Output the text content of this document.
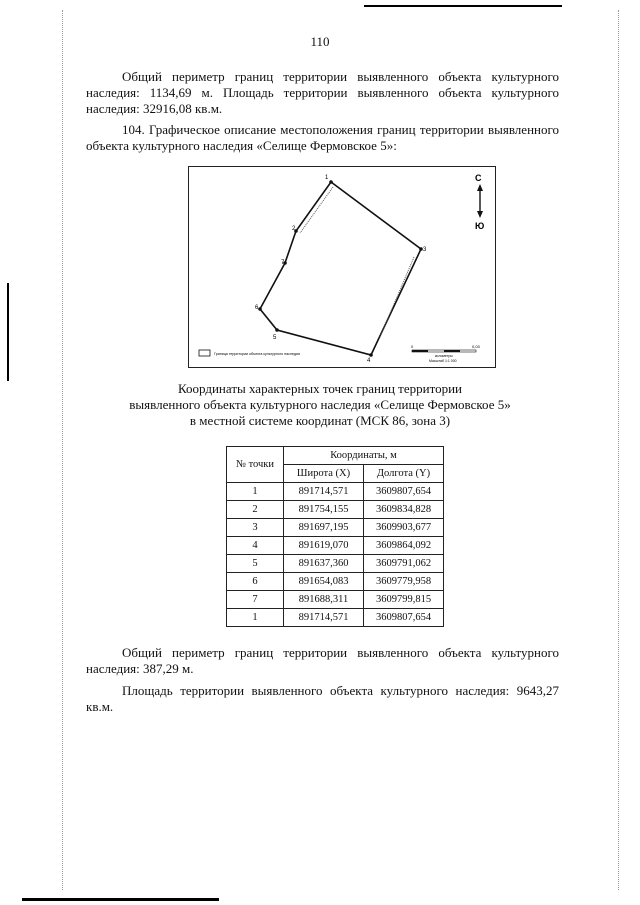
110

Общий периметр границ территории выявленного объекта культурного наследия: 1134,69 м. Площадь территории выявленного объекта культурного наследия: 32916,08 кв.м.

104. Графическое описание местоположения границ территории выявленного объекта культурного наследия «Селище Фермовское 5»:

1
2
3
4
5
6
7
С
Ю
Граница территории объекта культурного наследия
0	0,03
километры
Масштаб 1:1 000
Координаты характерных точек границ территории
выявленного объекта культурного наследия «Селище Фермовское 5»
в местной системе координат (МСК 86, зона 3)
№ точки	Координаты, м	
	Широта (X)	Долгота (Y)
1	891714,571	3609807,654
2	891754,155	3609834,828
3	891697,195	3609903,677
4	891619,070	3609864,092
5	891637,360	3609791,062
6	891654,083	3609779,958
7	891688,311	3609799,815
1	891714,571	3609807,654

Общий периметр границ территории выявленного объекта культурного наследия: 387,29 м.

Площадь территории выявленного объекта культурного наследия: 9643,27 кв.м.
